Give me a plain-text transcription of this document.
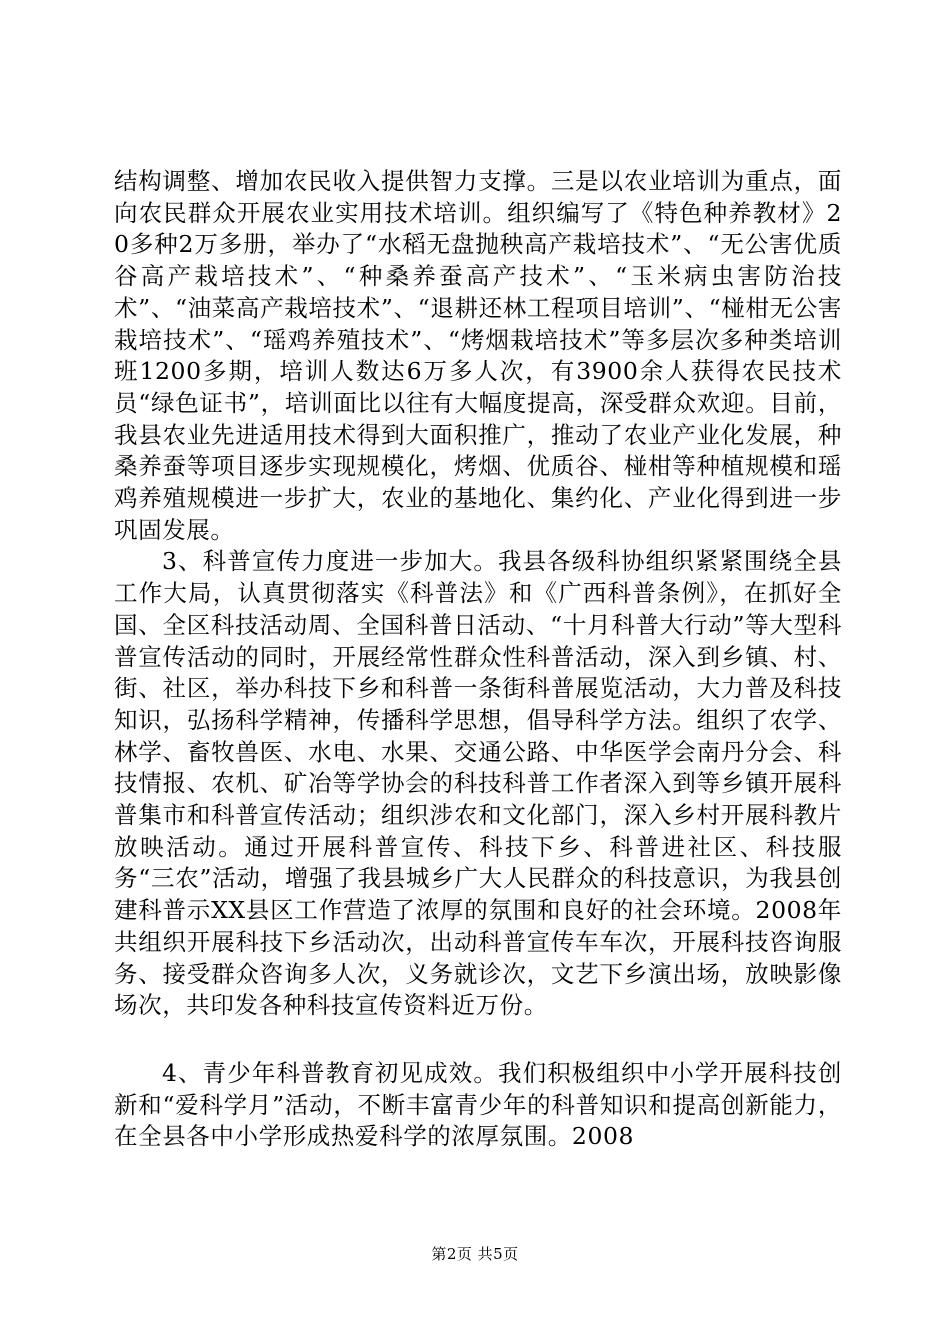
结构调整、增加农民收入提供智力支撑。三是以农业培训为重点，面向农民群众开展农业实用技术培训。组织编写了《特色种养教材》20多种2万多册，举办了“水稻无盘抛秧高产栽培技术”、“无公害优质谷高产栽培技术”、“种桑养蚕高产技术”、“玉米病虫害防治技术”、“油菜高产栽培技术”、“退耕还林工程项目培训”、“椪柑无公害栽培技术”、“瑶鸡养殖技术”、“烤烟栽培技术”等多层次多种类培训班1200多期，培训人数达6万多人次，有3900余人获得农民技术员“绿色证书”，培训面比以往有大幅度提高，深受群众欢迎。目前，我县农业先进适用技术得到大面积推广，推动了农业产业化发展，种桑养蚕等项目逐步实现规模化，烤烟、优质谷、椪柑等种植规模和瑶鸡养殖规模进一步扩大，农业的基地化、集约化、产业化得到进一步巩固发展。

3、科普宣传力度进一步加大。我县各级科协组织紧紧围绕全县工作大局，认真贯彻落实《科普法》和《广西科普条例》，在抓好全国、全区科技活动周、全国科普日活动、“十月科普大行动”等大型科普宣传活动的同时，开展经常性群众性科普活动，深入到乡镇、村、街、社区，举办科技下乡和科普一条街科普展览活动，大力普及科技知识，弘扬科学精神，传播科学思想，倡导科学方法。组织了农学、林学、畜牧兽医、水电、水果、交通公路、中华医学会南丹分会、科技情报、农机、矿冶等学协会的科技科普工作者深入到等乡镇开展科普集市和科普宣传活动；组织涉农和文化部门，深入乡村开展科教片放映活动。通过开展科普宣传、科技下乡、科普进社区、科技服务“三农”活动，增强了我县城乡广大人民群众的科技意识，为我县创建科普示XX县区工作营造了浓厚的氛围和良好的社会环境。2008年共组织开展科技下乡活动次，出动科普宣传车车次，开展科技咨询服务、接受群众咨询多人次，义务就诊次，文艺下乡演出场，放映影像场次，共印发各种科技宣传资料近万份。

4、青少年科普教育初见成效。我们积极组织中小学开展科技创新和“爱科学月”活动，不断丰富青少年的科普知识和提高创新能力，在全县各中小学形成热爱科学的浓厚氛围。2008

第2页 共5页
